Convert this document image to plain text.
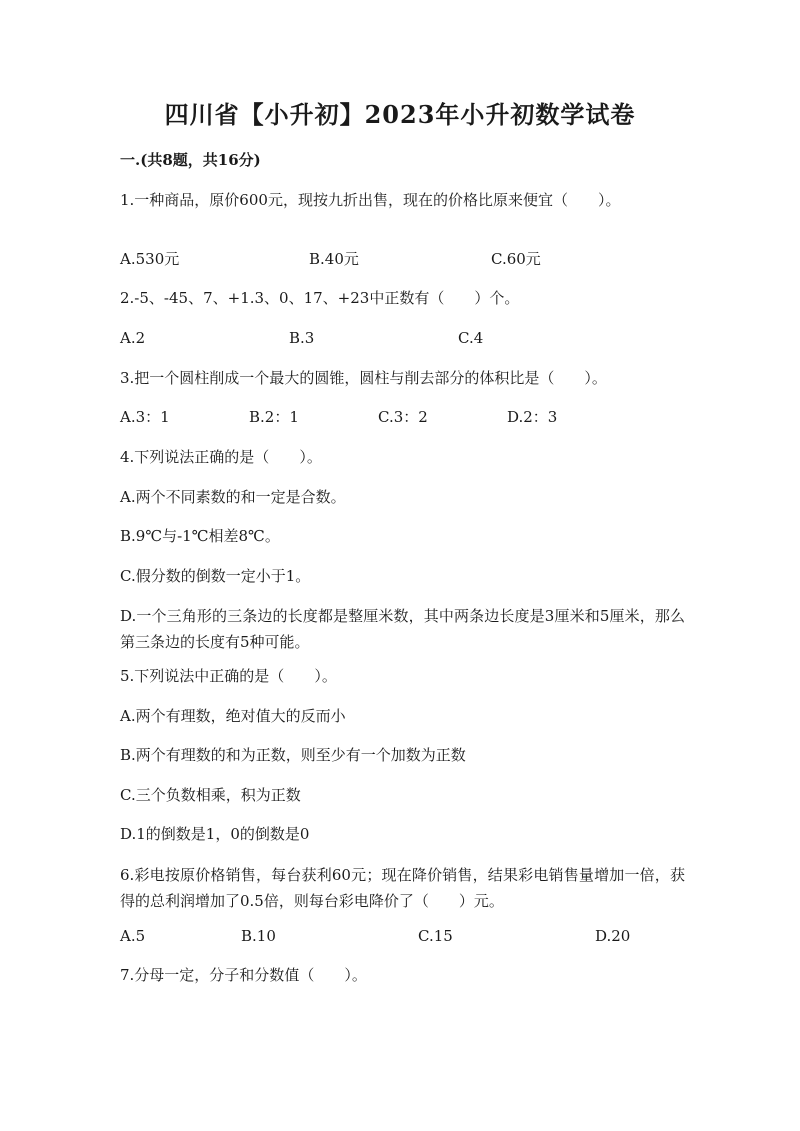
四川省【小升初】2023年小升初数学试卷
一.(共8题，共16分)
1.一种商品，原价600元，现按九折出售，现在的价格比原来便宜（　　）。
A.530元	B.40元	C.60元
2.-5、-45、7、+1.3、0、17、+23中正数有（　　）个。
A.2	B.3	C.4
3.把一个圆柱削成一个最大的圆锥，圆柱与削去部分的体积比是（　　）。
A.3：1	B.2：1	C.3：2	D.2：3
4.下列说法正确的是（　　）。
A.两个不同素数的和一定是合数。
B.9℃与-1℃相差8℃。
C.假分数的倒数一定小于1。
D.一个三角形的三条边的长度都是整厘米数，其中两条边长度是3厘米和5厘米，那么第三条边的长度有5种可能。
5.下列说法中正确的是（　　）。
A.两个有理数，绝对值大的反而小
B.两个有理数的和为正数，则至少有一个加数为正数
C.三个负数相乘，积为正数
D.1的倒数是1，0的倒数是0
6.彩电按原价格销售，每台获利60元；现在降价销售，结果彩电销售量增加一倍，获得的总利润增加了0.5倍，则每台彩电降价了（　　）元。
A.5	B.10	C.15	D.20
7.分母一定，分子和分数值（　　）。
